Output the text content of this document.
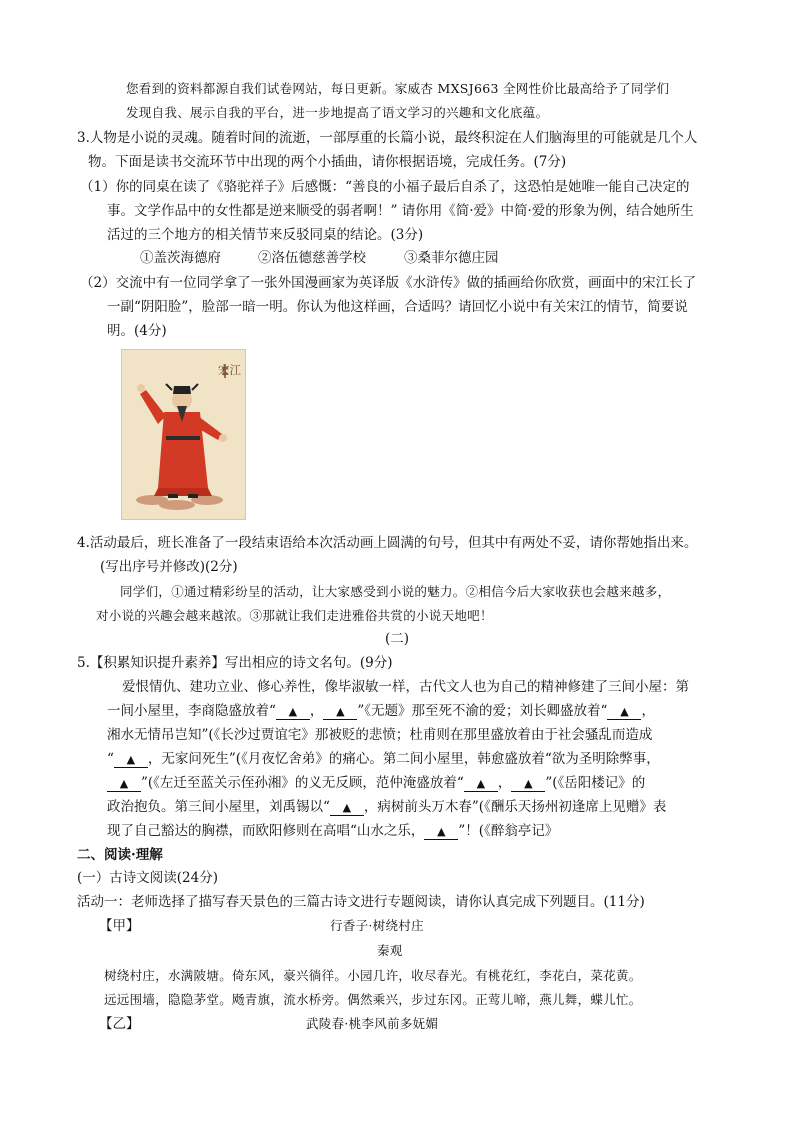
您看到的资料都源自我们试卷网站，每日更新。家威杏 MXSJ663 全网性价比最高给予了同学们
发现自我、展示自我的平台，进一步地提高了语文学习的兴趣和文化底蕴。
3.人物是小说的灵魂。随着时间的流逝，一部厚重的长篇小说，最终积淀在人们脑海里的可能就是几个人
物。下面是读书交流环节中出现的两个小插曲，请你根据语境，完成任务。(7分)
（1）你的同桌在读了《骆驼祥子》后感慨：“善良的小福子最后自杀了，这恐怕是她唯一能自己决定的
事。文学作品中的女性都是逆来顺受的弱者啊！” 请你用《简·爱》中简·爱的形象为例，结合她所生
活过的三个地方的相关情节来反驳同桌的结论。(3分)
①盖茨海德府	②洛伍德慈善学校	③桑菲尔德庄园
（2）交流中有一位同学拿了一张外国漫画家为英译版《水浒传》做的插画给你欣赏，画面中的宋江长了
一副“阴阳脸”，脸部一暗一明。你认为他这样画，合适吗？请回忆小说中有关宋江的情节，简要说
明。(4分)
4.活动最后，班长准备了一段结束语给本次活动画上圆满的句号，但其中有两处不妥，请你帮她指出来。
(写出序号并修改)(2分)
同学们，①通过精彩纷呈的活动，让大家感受到小说的魅力。②相信今后大家收获也会越来越多，
对小说的兴趣会越来越浓。③那就让我们走进雅俗共赏的小说天地吧！
(二)
5.【积累知识提升素养】写出相应的诗文名句。(9分)
爱恨情仇、建功立业、修心养性，像毕淑敏一样，古代文人也为自己的精神修建了三间小屋：第
一间小屋里，李商隐盛放着“ ▲ ， ▲ ”《无题》那至死不渝的爱；刘长卿盛放着“ ▲ ，
湘水无情吊岂知”(《长沙过贾谊宅》那被贬的悲愤；杜甫则在那里盛放着由于社会骚乱而造成
“ ▲ ，无家问死生”(《月夜忆舍弟》的痛心。第二间小屋里，韩愈盛放着“欲为圣明除弊事，
▲ ”(《左迁至蓝关示侄孙湘》的义无反顾，范仲淹盛放着“ ▲ ， ▲ ”(《岳阳楼记》的
政治抱负。第三间小屋里，刘禹锡以“ ▲ ，病树前头万木春”(《酬乐天扬州初逢席上见赠》表
现了自己豁达的胸襟，而欧阳修则在高唱“山水之乐， ▲ ”！(《醉翁亭记》
二、阅读·理解
(一）古诗文阅读(24分)
活动一：老师选择了描写春天景色的三篇古诗文进行专题阅读，请你认真完成下列题目。(11分)
【甲】	行香子·树绕村庄
秦观
树绕村庄，水满陂塘。倚东风，豪兴徜徉。小园几许，收尽春光。有桃花红，李花白，菜花黄。
远远围墙，隐隐茅堂。飏青旗，流水桥旁。偶然乘兴，步过东冈。正莺儿啼，燕儿舞，蝶儿忙。
【乙】	武陵春·桃李风前多妩媚
宋江
